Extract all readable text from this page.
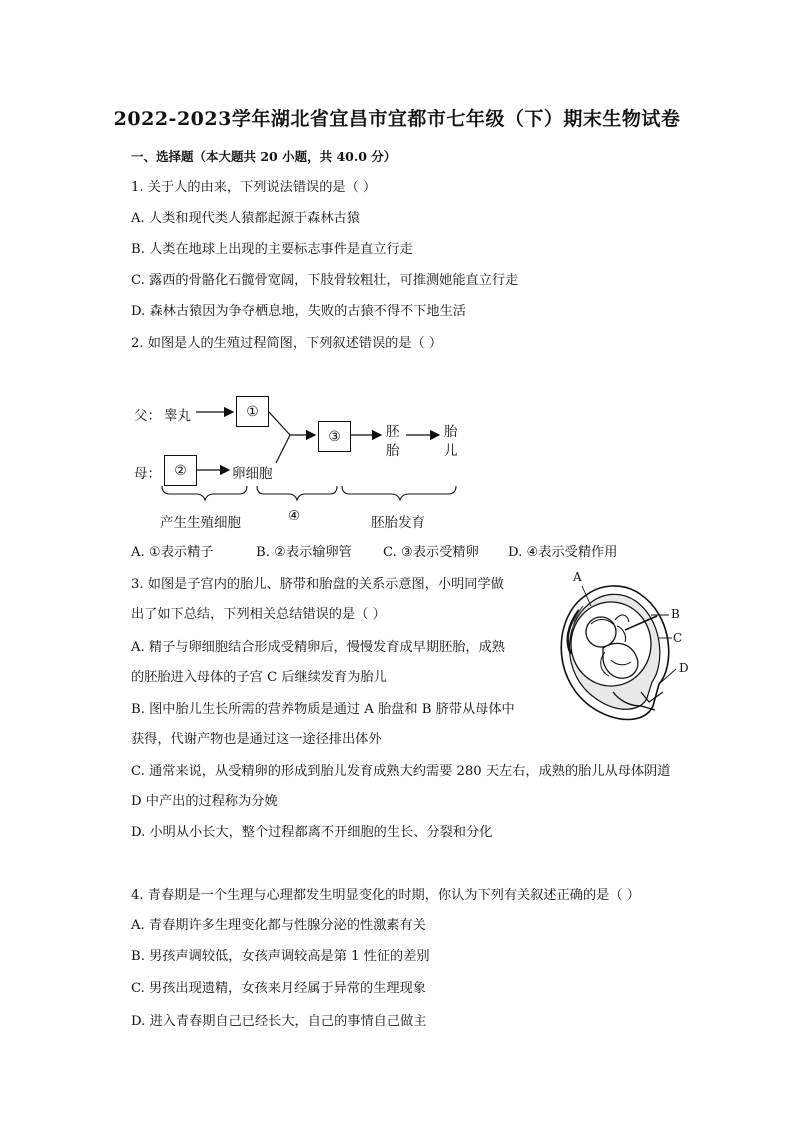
2022-2023学年湖北省宜昌市宜都市七年级（下）期末生物试卷
一、选择题（本大题共 20 小题，共 40.0 分）
1. 关于人的由来，下列说法错误的是（ ）
A. 人类和现代类人猿都起源于森林古猿
B. 人类在地球上出现的主要标志事件是直立行走
C. 露西的骨骼化石髋骨宽阔，下肢骨较粗壮，可推测她能直立行走
D. 森林古猿因为争夺栖息地，失败的古猿不得不下地生活
2. 如图是人的生殖过程简图，下列叙述错误的是（ ）
父： 睾丸	①
母： ②	卵细胞
③	胚
胎
胎
儿
产生生殖细胞	④	胚胎发育
A. ①表示精子	B. ②表示输卵管 C. ③表示受精卵 D. ④表示受精作用
3. 如图是子宫内的胎儿、脐带和胎盘的关系示意图，小明同学做
出了如下总结，下列相关总结错误的是（ ）
A. 精子与卵细胞结合形成受精卵后，慢慢发育成早期胚胎，成熟
的胚胎进入母体的子宫 C 后继续发育为胎儿
B. 图中胎儿生长所需的营养物质是通过 A 胎盘和 B 脐带从母体中
获得，代谢产物也是通过这一途径排出体外
C. 通常来说，从受精卵的形成到胎儿发育成熟大约需要 280 天左右，成熟的胎儿从母体阴道
D 中产出的过程称为分娩
D. 小明从小长大，整个过程都离不开细胞的生长、分裂和分化
A
B
C
D
4. 青春期是一个生理与心理都发生明显变化的时期，你认为下列有关叙述正确的是（ ）
A. 青春期许多生理变化都与性腺分泌的性激素有关
B. 男孩声调较低，女孩声调较高是第 1 性征的差别
C. 男孩出现遗精，女孩来月经属于异常的生理现象
D. 进入青春期自己已经长大，自己的事情自己做主
